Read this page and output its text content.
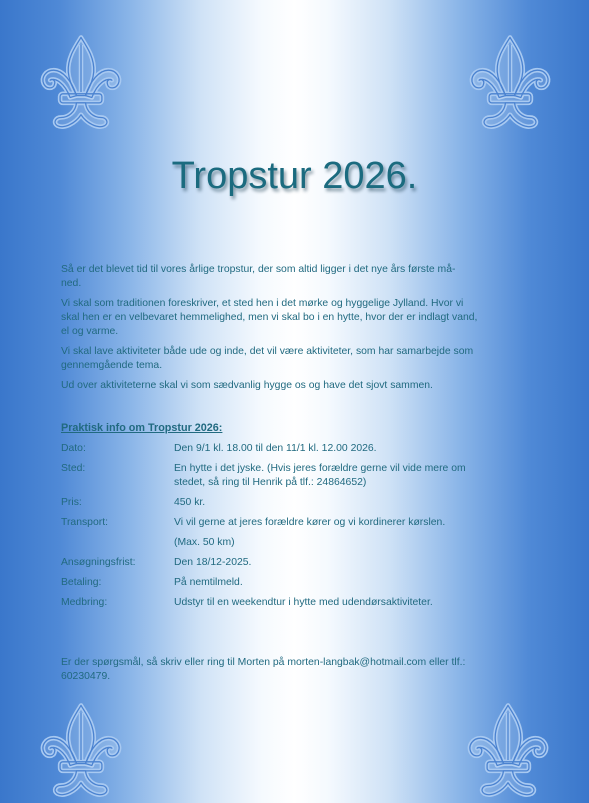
Tropstur 2026.

Så er det blevet tid til vores årlige tropstur, der som altid ligger i det nye års første må-
ned.

Vi skal som traditionen foreskriver, et sted hen i det mørke og hyggelige Jylland. Hvor vi
skal hen er en velbevaret hemmelighed, men vi skal bo i en hytte, hvor der er indlagt vand,
el og varme.

Vi skal lave aktiviteter både ude og inde, det vil være aktiviteter, som har samarbejde som
gennemgående tema.

Ud over aktiviteterne skal vi som sædvanlig hygge os og have det sjovt sammen.

Praktisk info om Tropstur 2026:
Dato:	Den 9/1 kl. 18.00 til den 11/1 kl. 12.00 2026.
Sted:	En hytte i det jyske. (Hvis jeres forældre gerne vil vide mere om
stedet, så ring til Henrik på tlf.: 24864652)
Pris:	450 kr.
Transport:	Vi vil gerne at jeres forældre kører og vi kordinerer kørslen.
(Max. 50 km)
Ansøgningsfrist:	Den 18/12-2025.
Betaling:	På nemtilmeld.
Medbring:	Udstyr til en weekendtur i hytte med udendørsaktiviteter.
Er der spørgsmål, så skriv eller ring til Morten på morten-langbak@hotmail.com eller tlf.:
60230479.
